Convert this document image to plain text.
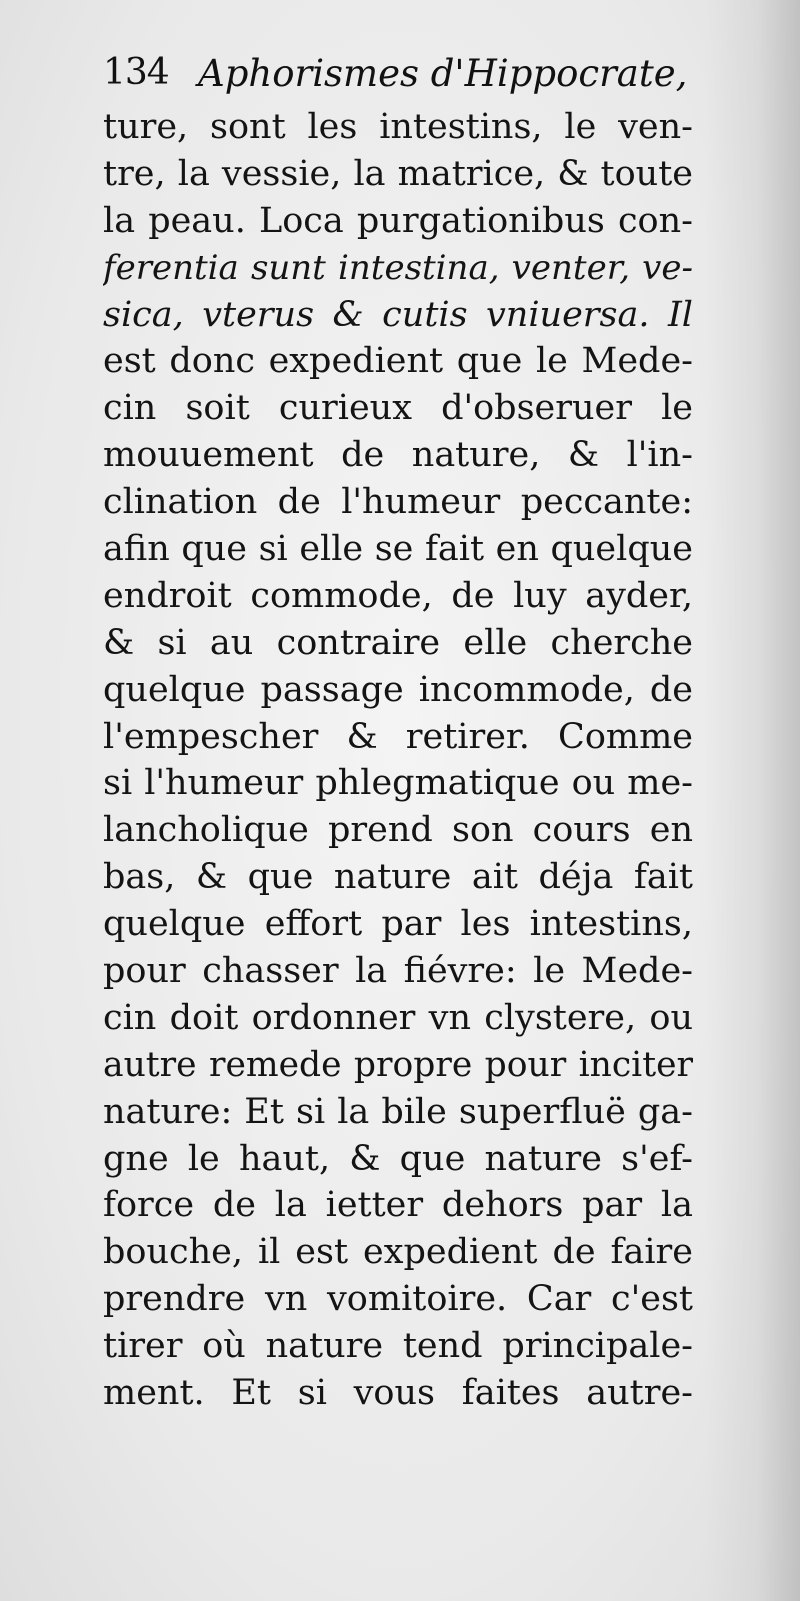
134 Aphorismes d'Hippocrate,
ture, sont les intestins, le ven-
tre, la vessie, la matrice, & toute
la peau. Loca purgationibus con-
ferentia sunt intestina, venter, ve-
sica, vterus & cutis vniuersa. Il
est donc expedient que le Mede-
cin soit curieux d'obseruer le
mouuement de nature, & l'in-
clination de l'humeur peccante:
afin que si elle se fait en quelque
endroit commode, de luy ayder,
& si au contraire elle cherche
quelque passage incommode, de
l'empescher & retirer. Comme
si l'humeur phlegmatique ou me-
lancholique prend son cours en
bas, & que nature ait déja fait
quelque effort par les intestins,
pour chasser la fiévre: le Mede-
cin doit ordonner vn clystere, ou
autre remede propre pour inciter
nature: Et si la bile superfluë ga-
gne le haut, & que nature s'ef-
force de la ietter dehors par la
bouche, il est expedient de faire
prendre vn vomitoire. Car c'est
tirer où nature tend principale-
ment. Et si vous faites autre-
